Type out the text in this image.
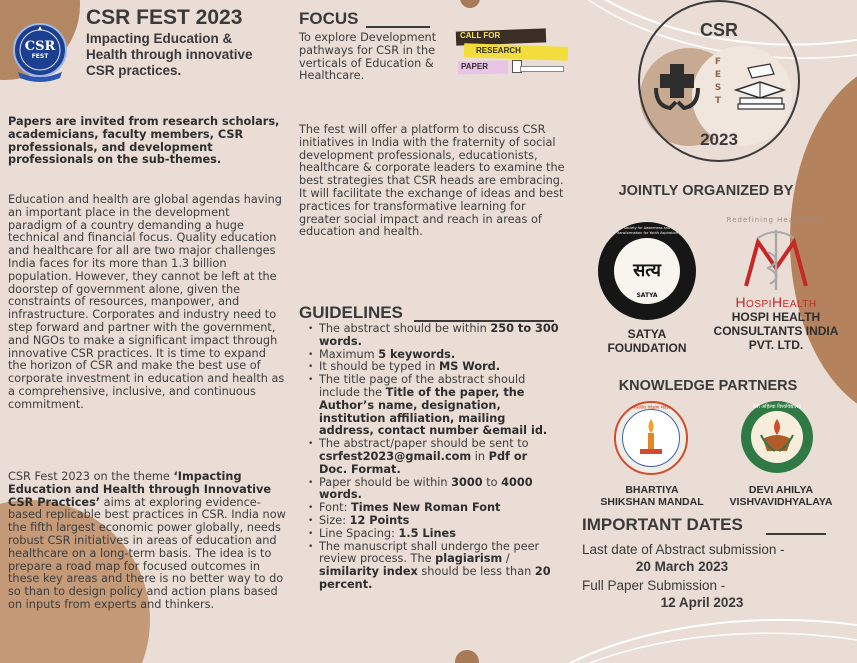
CSR
FEST
CSR FEST 2023
Impacting Education & Health through innovative CSR practices.
Papers are invited from research scholars, academicians, faculty members, CSR professionals, and development professionals on the sub-themes.
Education and health are global agendas having an important place in the development paradigm of a country demanding a huge technical and financial focus. Quality education and healthcare for all are two major challenges India faces for its more than 1.3 billion population. However, they cannot be left at the doorstep of government alone, given the constraints of resources, manpower, and infrastructure. Corporates and industry need to step forward and partner with the government, and NGOs to make a significant impact through innovative CSR practices. It is time to expand the horizon of CSR and make the best use of corporate investment in education and health as a comprehensive, inclusive, and continuous commitment.
CSR Fest 2023 on the theme ‘Impacting Education and Health through Innovative CSR Practices’ aims at exploring evidence-based replicable best practices in CSR. India now the fifth largest economic power globally, needs robust CSR initiatives in areas of education and healthcare on a long-term basis. The idea is to prepare a road map for focused outcomes in these key areas and there is no better way to do so than to design policy and action plans based on inputs from experts and thinkers.
FOCUS
To explore Development pathways for CSR in the verticals of Education & Healthcare.
CALL FOR
RESEARCH
PAPER
The fest will offer a platform to discuss CSR initiatives in India with the fraternity of social development professionals, educationists, healthcare & corporate leaders to examine the best strategies that CSR heads are embracing. It will facilitate the exchange of ideas and best practices for transformative learning for greater social impact and reach in areas of education and health.
GUIDELINES
• The abstract should be within 250 to 300 words.
• Maximum 5 keywords.
• It should be typed in MS Word.
• The title page of the abstract should include the Title of the paper, the Author’s name, designation, institution affiliation, mailing address, contact number &email id.
• The abstract/paper should be sent to csrfest2023@gmail.com in Pdf or Doc. Format.
• Paper should be within 3000 to 4000 words.
• Font: Times New Roman Font
• Size: 12 Points
• Line Spacing: 1.5 Lines
• The manuscript shall undergo the peer review process. The plagiarism / similarity index should be less than 20 percent.
CSR
F
E
S
T
2023
JOINTLY ORGANIZED BY
सत्य
SATYA
Society for Awareness and Transformation for Youth Aspiration
SATYA FOUNDATION
Redefining Healthcare
HospiHealth
HOSPI HEALTH CONSULTANTS INDIA PVT. LTD.
KNOWLEDGE PARTNERS
भारतीय शिक्षण मंडल
BHARTIYA SHIKSHAN MANDAL
देवी अहिल्या विश्वविद्यालय
DEVI AHILYA VISHVAVIDHYALAYA
IMPORTANT DATES
Last date of Abstract submission -
20 March 2023
Full Paper Submission -
12 April 2023
